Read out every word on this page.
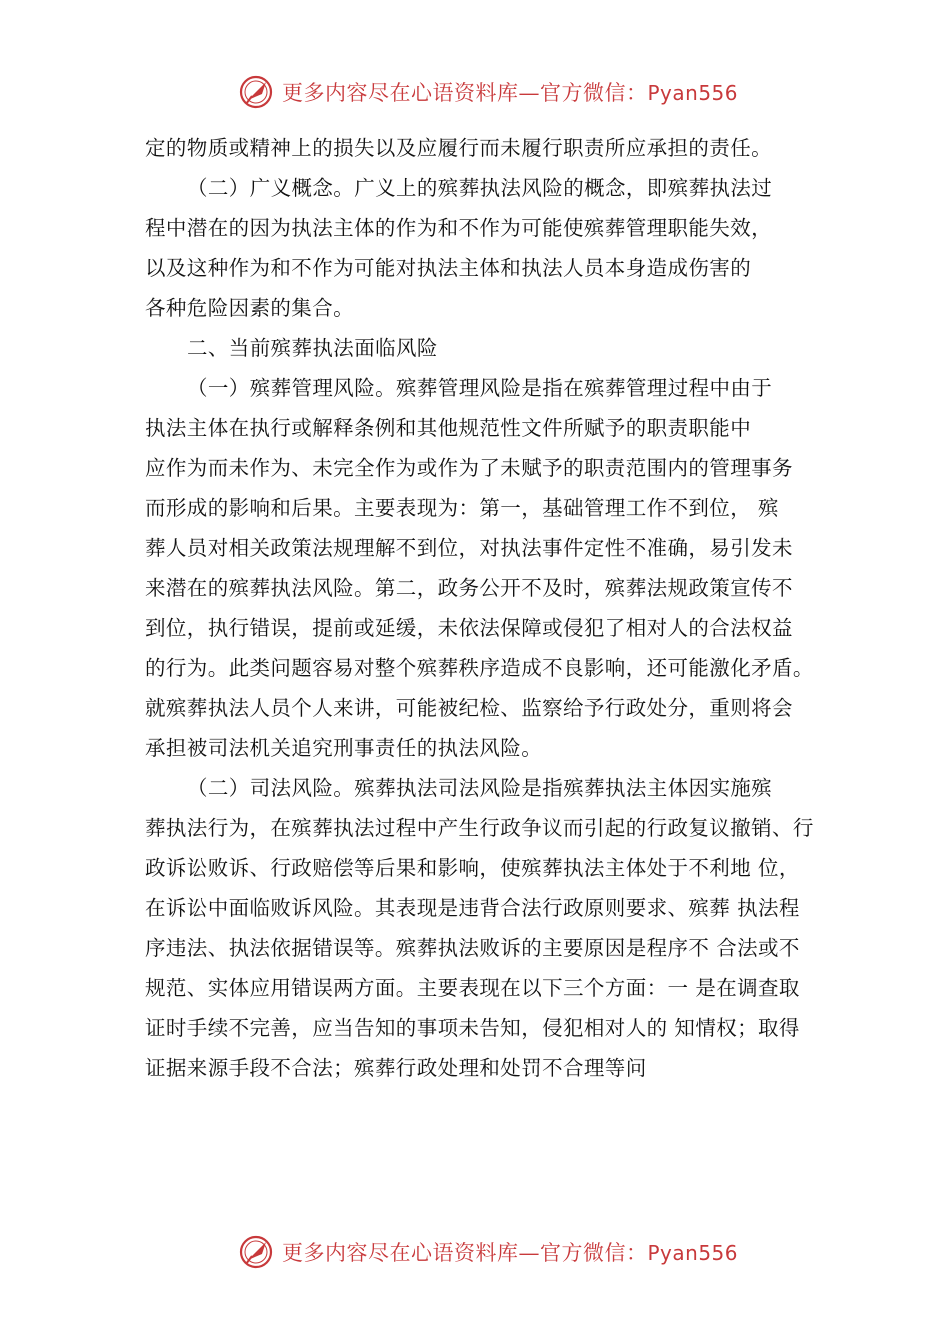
更多内容尽在心语资料库—官方微信：Pyan556
定的物质或精神上的损失以及应履行而未履行职责所应承担的责任。
（二）广义概念。广义上的殡葬执法风险的概念，即殡葬执法过
程中潜在的因为执法主体的作为和不作为可能使殡葬管理职能失效，
以及这种作为和不作为可能对执法主体和执法人员本身造成伤害的
各种危险因素的集合。
二、当前殡葬执法面临风险
（一）殡葬管理风险。殡葬管理风险是指在殡葬管理过程中由于
执法主体在执行或解释条例和其他规范性文件所赋予的职责职能中
应作为而未作为、未完全作为或作为了未赋予的职责范围内的管理事务
而形成的影响和后果。主要表现为：第一，基础管理工作不到位， 殡
葬人员对相关政策法规理解不到位，对执法事件定性不准确，易引发未
来潜在的殡葬执法风险。第二，政务公开不及时，殡葬法规政策宣传不
到位，执行错误，提前或延缓，未依法保障或侵犯了相对人的合法权益
的行为。此类问题容易对整个殡葬秩序造成不良影响，还可能激化矛盾。
就殡葬执法人员个人来讲，可能被纪检、监察给予行政处分，重则将会
承担被司法机关追究刑事责任的执法风险。
（二）司法风险。殡葬执法司法风险是指殡葬执法主体因实施殡
葬执法行为，在殡葬执法过程中产生行政争议而引起的行政复议撤销、行
政诉讼败诉、行政赔偿等后果和影响，使殡葬执法主体处于不利地 位，
在诉讼中面临败诉风险。其表现是违背合法行政原则要求、殡葬 执法程
序违法、执法依据错误等。殡葬执法败诉的主要原因是程序不 合法或不
规范、实体应用错误两方面。主要表现在以下三个方面：一 是在调查取
证时手续不完善，应当告知的事项未告知，侵犯相对人的 知情权；取得
证据来源手段不合法；殡葬行政处理和处罚不合理等问
更多内容尽在心语资料库—官方微信：Pyan556
